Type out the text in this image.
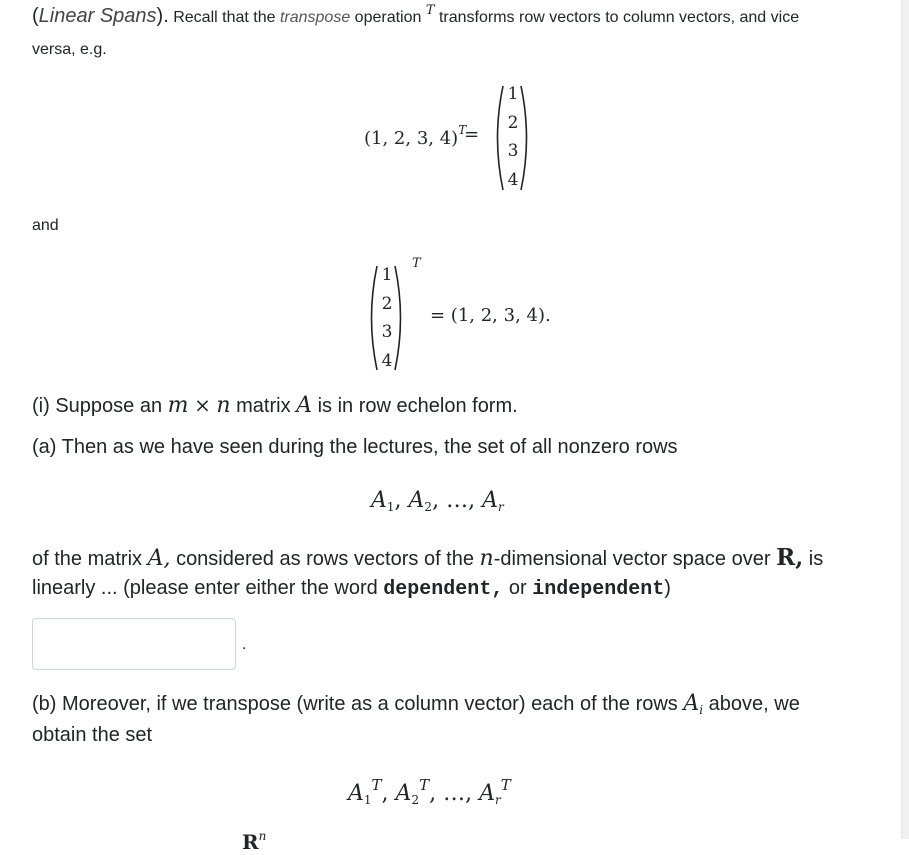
(Linear Spans). Recall that the transpose operation $^T$ transforms row vectors to column vectors, and vice
versa, e.g.
(1, 2, 3, 4)$^T$
=
1
2
3
4
and
1
2
3
4
T
= (1, 2, 3, 4).
(i) Suppose an m × n matrix A is in row echelon form.
(a) Then as we have seen during the lectures, the set of all nonzero rows
$A_1$, $A_2$, …, $A_r$
of the matrix A, considered as rows vectors of the n-dimensional vector space over R, is
linearly ... (please enter either the word dependent, or independent)
.
(b) Moreover, if we transpose (write as a column vector) each of the rows $A_i$ above, we
obtain the set
$A_1^T$, $A_2^T$, …, $A_r^T$
$R^n$
